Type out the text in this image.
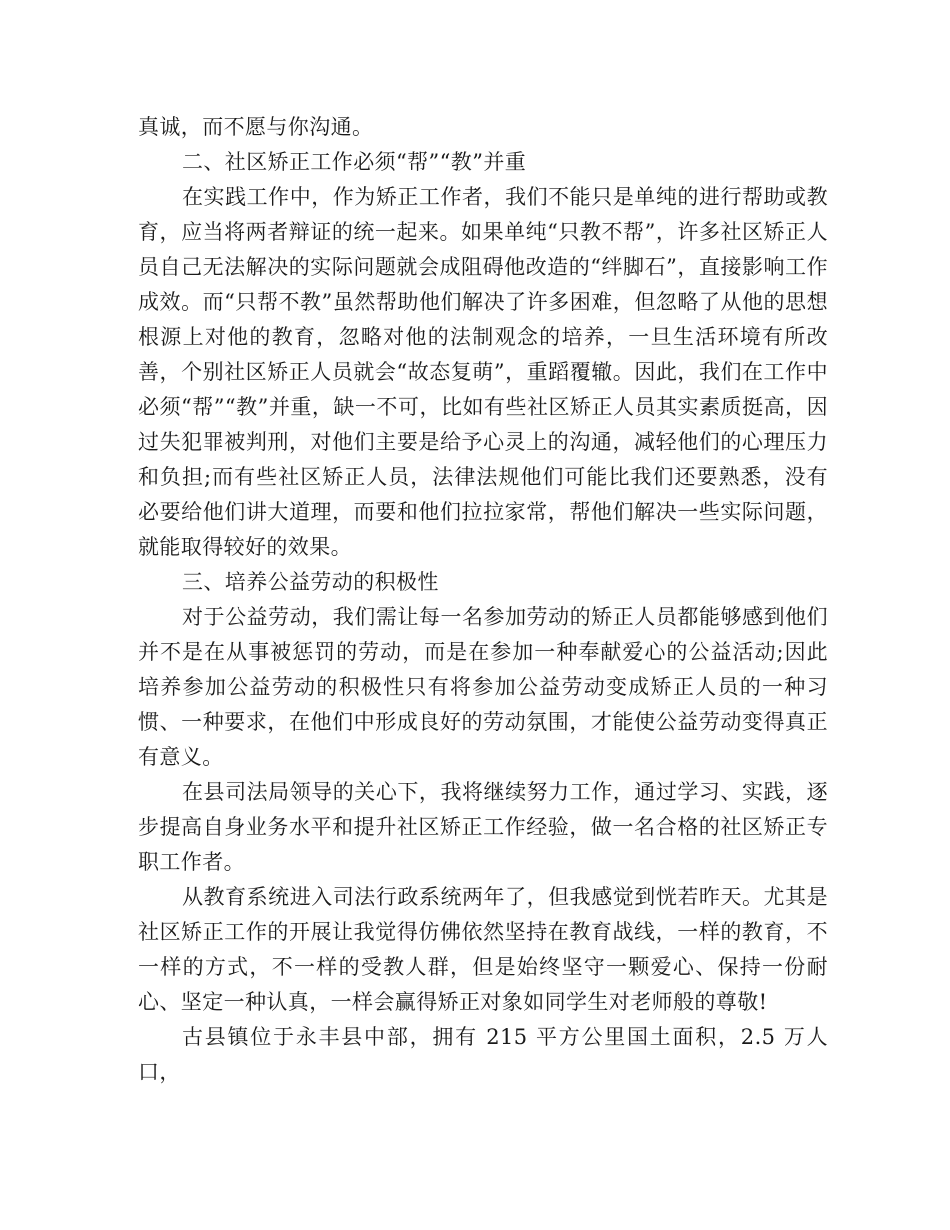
真诚，而不愿与你沟通。

二、社区矫正工作必须“帮”“教”并重

在实践工作中，作为矫正工作者，我们不能只是单纯的进行帮助或教育，应当将两者辩证的统一起来。如果单纯“只教不帮”，许多社区矫正人员自己无法解决的实际问题就会成阻碍他改造的“绊脚石”，直接影响工作成效。而“只帮不教”虽然帮助他们解决了许多困难，但忽略了从他的思想根源上对他的教育，忽略对他的法制观念的培养，一旦生活环境有所改善，个别社区矫正人员就会“故态复萌”，重蹈覆辙。因此，我们在工作中必须“帮”“教”并重，缺一不可，比如有些社区矫正人员其实素质挺高，因过失犯罪被判刑，对他们主要是给予心灵上的沟通，减轻他们的心理压力和负担;而有些社区矫正人员，法律法规他们可能比我们还要熟悉，没有必要给他们讲大道理，而要和他们拉拉家常，帮他们解决一些实际问题，就能取得较好的效果。

三、培养公益劳动的积极性

对于公益劳动，我们需让每一名参加劳动的矫正人员都能够感到他们并不是在从事被惩罚的劳动，而是在参加一种奉献爱心的公益活动;因此培养参加公益劳动的积极性只有将参加公益劳动变成矫正人员的一种习惯、一种要求，在他们中形成良好的劳动氛围，才能使公益劳动变得真正有意义。

在县司法局领导的关心下，我将继续努力工作，通过学习、实践，逐步提高自身业务水平和提升社区矫正工作经验，做一名合格的社区矫正专职工作者。

从教育系统进入司法行政系统两年了，但我感觉到恍若昨天。尤其是社区矫正工作的开展让我觉得仿佛依然坚持在教育战线，一样的教育，不一样的方式，不一样的受教人群，但是始终坚守一颗爱心、保持一份耐心、坚定一种认真，一样会赢得矫正对象如同学生对老师般的尊敬!

古县镇位于永丰县中部，拥有 215 平方公里国土面积，2.5 万人口，
